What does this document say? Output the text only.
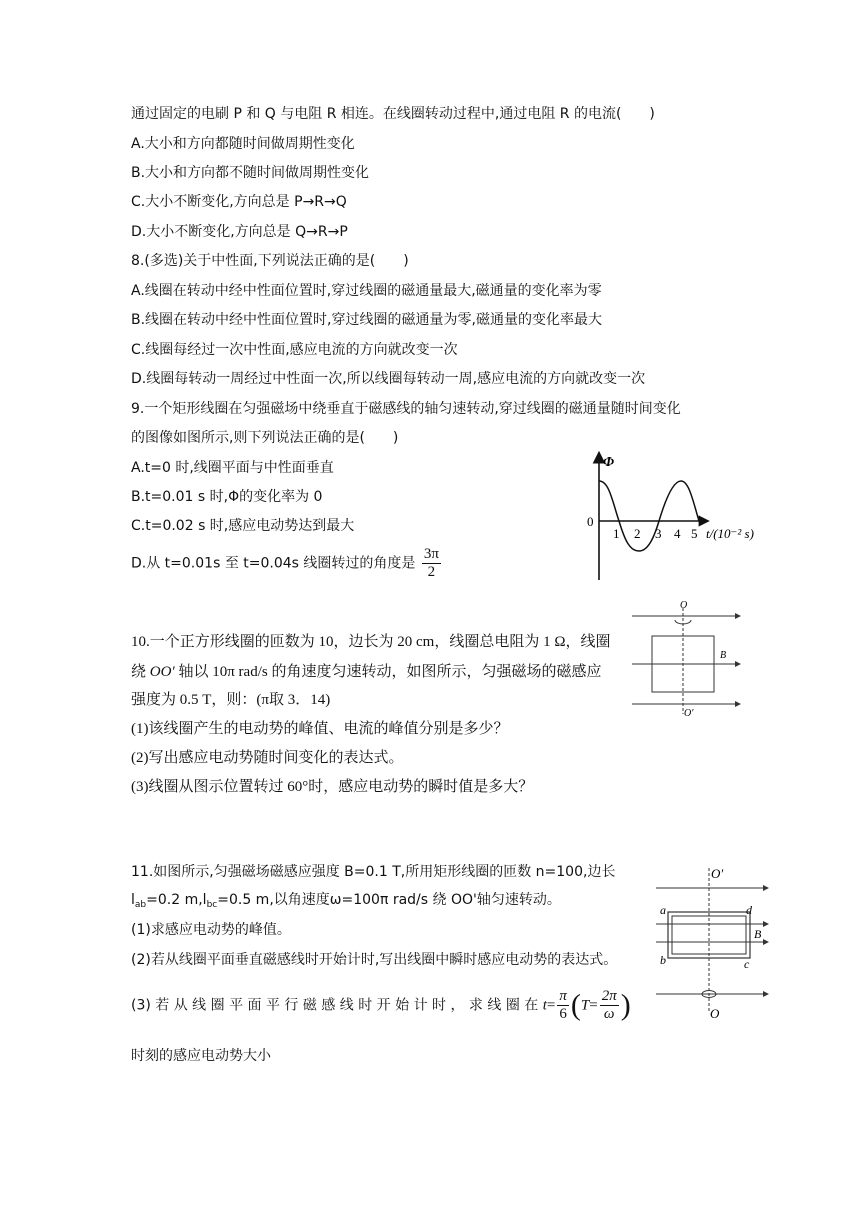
通过固定的电刷 P 和 Q 与电阻 R 相连。在线圈转动过程中,通过电阻 R 的电流(　　)
A.大小和方向都随时间做周期性变化
B.大小和方向都不随时间做周期性变化
C.大小不断变化,方向总是 P→R→Q
D.大小不断变化,方向总是 Q→R→P
8.(多选)关于中性面,下列说法正确的是(　　)
A.线圈在转动中经中性面位置时,穿过线圈的磁通量最大,磁通量的变化率为零
B.线圈在转动中经中性面位置时,穿过线圈的磁通量为零,磁通量的变化率最大
C.线圈每经过一次中性面,感应电流的方向就改变一次
D.线圈每转动一周经过中性面一次,所以线圈每转动一周,感应电流的方向就改变一次
9.一个矩形线圈在匀强磁场中绕垂直于磁感线的轴匀速转动,穿过线圈的磁通量随时间变化
的图像如图所示,则下列说法正确的是(　　)
A.t=0 时,线圈平面与中性面垂直
B.t=0.01 s 时,Φ的变化率为 0
C.t=0.02 s 时,感应电动势达到最大
D.从 t=0.01s 至 t=0.04s 线圈转过的角度是 $\frac{3\pi}{2}$
Φ
0
1 2 3 4 5 t/(10⁻² s)
10.一个正方形线圈的匝数为 10，边长为 20 cm，线圈总电阻为 1 Ω，线圈
绕 OO′ 轴以 10π rad/s 的角速度匀速转动，如图所示，匀强磁场的磁感应
强度为 0.5 T，则：(π取 3．14)
(1)该线圈产生的电动势的峰值、电流的峰值分别是多少？
(2)写出感应电动势随时间变化的表达式。
(3)线圈从图示位置转过 60°时，感应电动势的瞬时值是多大？
O
O′
B
11.如图所示,匀强磁场磁感应强度 B=0.1 T,所用矩形线圈的匝数 n=100,边长
$l_{ab}=0.2$ $m,l_{bc}=0.5$ m,以角速度ω=100π rad/s 绕 OO'轴匀速转动。
(1)求感应电动势的峰值。
(2)若从线圈平面垂直磁感线时开始计时,写出线圈中瞬时感应电动势的表达式。
(3) 若 从 线 圈 平 面 平 行 磁 感 线 时 开 始 计 时 ， 求 线 圈 在 $t= \frac{\pi}{6} (T= \frac{2\pi}{\omega}$ )
时刻的感应电动势大小
O′
O
B
a
b	c
d
